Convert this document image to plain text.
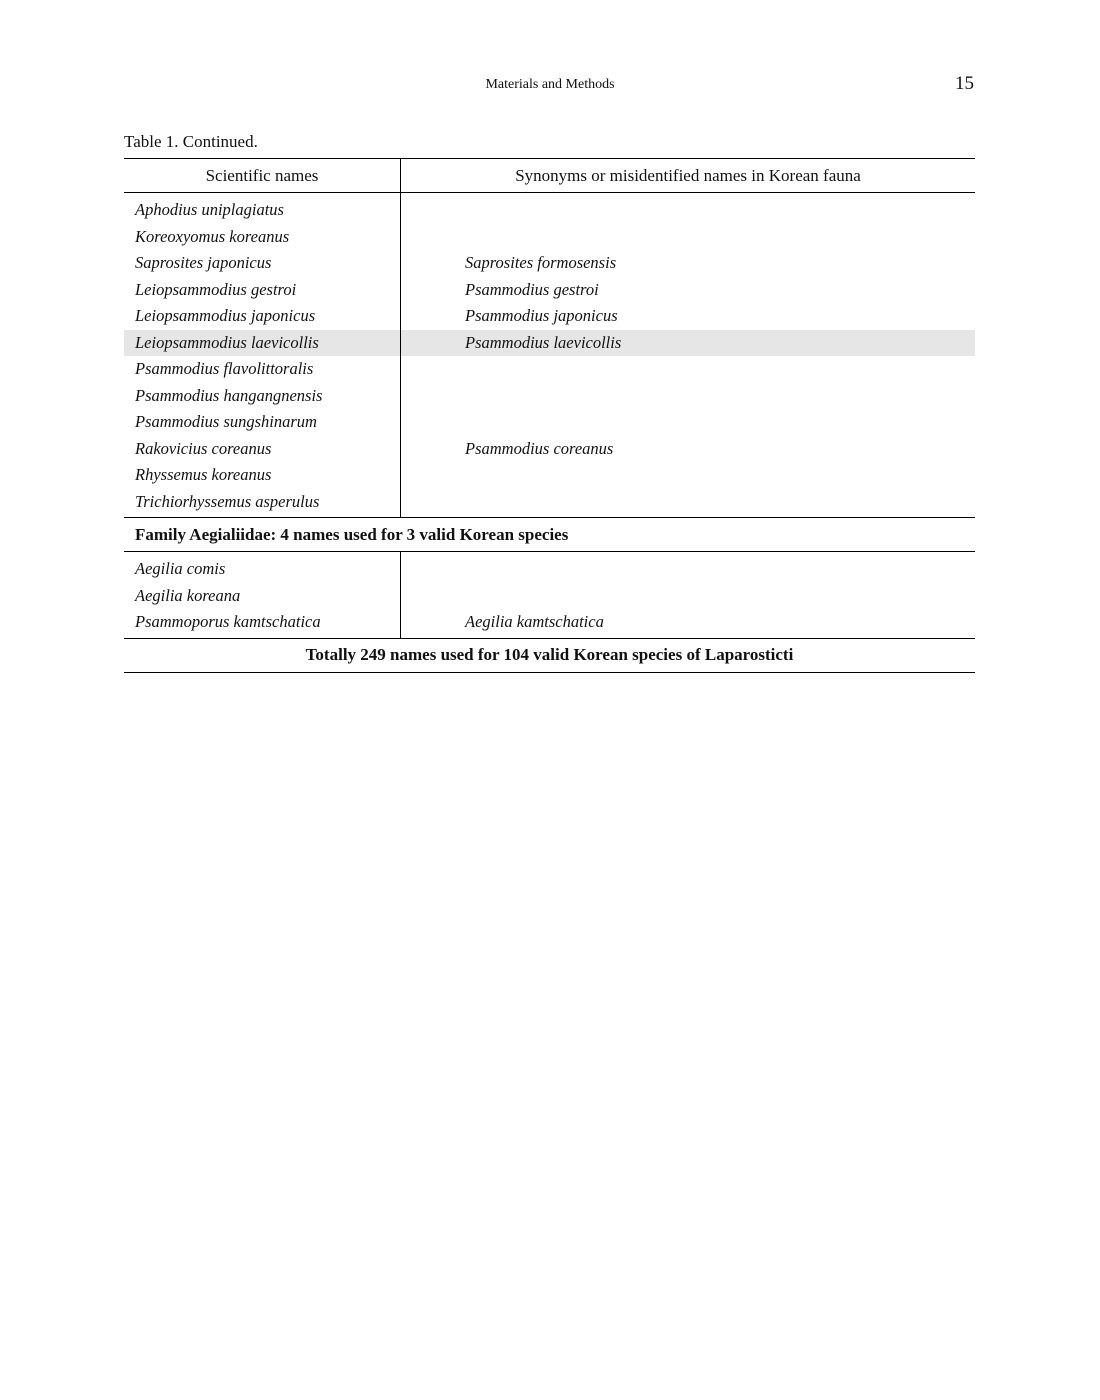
Materials and Methods	15
Table 1. Continued.
Scientific names	Synonyms or misidentified names in Korean fauna
Aphodius uniplagiatus
Koreoxyomus koreanus
Saprosites japonicus	Saprosites formosensis
Leiopsammodius gestroi	Psammodius gestroi
Leiopsammodius japonicus	Psammodius japonicus
Leiopsammodius laevicollis	Psammodius laevicollis
Psammodius flavolittoralis
Psammodius hangangnensis
Psammodius sungshinarum
Rakovicius coreanus	Psammodius coreanus
Rhyssemus koreanus
Trichiorhyssemus asperulus
Family Aegialiidae: 4 names used for 3 valid Korean species
Aegilia comis
Aegilia koreana
Psammoporus kamtschatica	Aegilia kamtschatica
Totally 249 names used for 104 valid Korean species of Laparosticti
